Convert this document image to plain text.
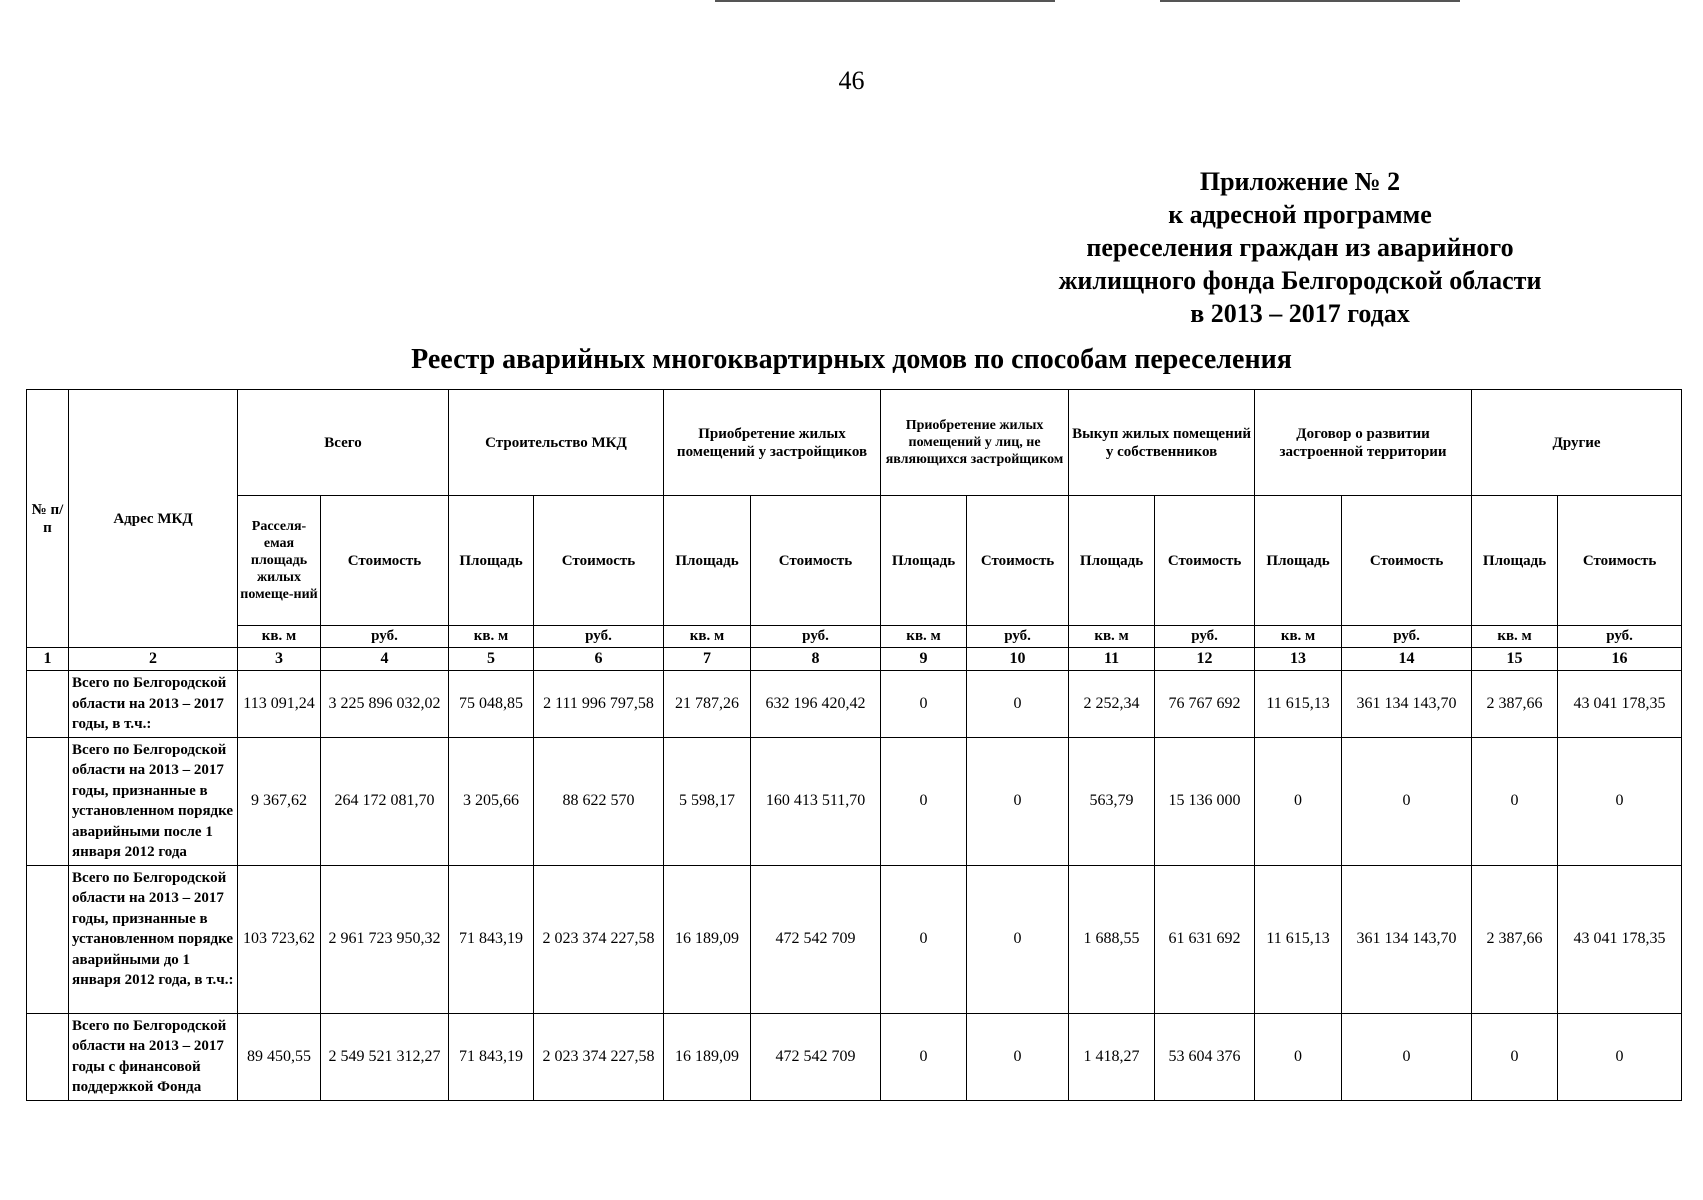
46
Приложение № 2
к адресной программе
переселения граждан из аварийного
жилищного фонда Белгородской области
в 2013 – 2017 годах
Реестр аварийных многоквартирных домов по способам переселения
№ п/п	Адрес МКД	Всего		Строительство МКД		Приобретение жилых помещений у застройщиков		Приобретение жилых помещений у лиц, не являющихся застройщиком		Выкуп жилых помещений у собственников		Договор о развитии застроенной территории		Другие	
		Расселя-емая площадь жилых помеще-ний	Стоимость	Площадь	Стоимость	Площадь	Стоимость	Площадь	Стоимость	Площадь	Стоимость	Площадь	Стоимость	Площадь	Стоимость
		кв. м	руб.	кв. м	руб.	кв. м	руб.	кв. м	руб.	кв. м	руб.	кв. м	руб.	кв. м	руб.
1	2	3	4	5	6	7	8	9	10	11	12	13	14	15	16
	Всего по Белгородской области на 2013 – 2017 годы, в т.ч.:	113 091,24	3 225 896 032,02	75 048,85	2 111 996 797,58	21 787,26	632 196 420,42	0	0	2 252,34	76 767 692	11 615,13	361 134 143,70	2 387,66	43 041 178,35
	Всего по Белгородской области на 2013 – 2017 годы, признанные в установленном порядке аварийными после 1 января 2012 года	9 367,62	264 172 081,70	3 205,66	88 622 570	5 598,17	160 413 511,70	0	0	563,79	15 136 000	0	0	0	0
	Всего по Белгородской области на 2013 – 2017 годы, признанные в установленном порядке аварийными до 1 января 2012 года, в т.ч.:	103 723,62	2 961 723 950,32	71 843,19	2 023 374 227,58	16 189,09	472 542 709	0	0	1 688,55	61 631 692	11 615,13	361 134 143,70	2 387,66	43 041 178,35
	Всего по Белгородской области на 2013 – 2017 годы с финансовой поддержкой Фонда	89 450,55	2 549 521 312,27	71 843,19	2 023 374 227,58	16 189,09	472 542 709	0	0	1 418,27	53 604 376	0	0	0	0
